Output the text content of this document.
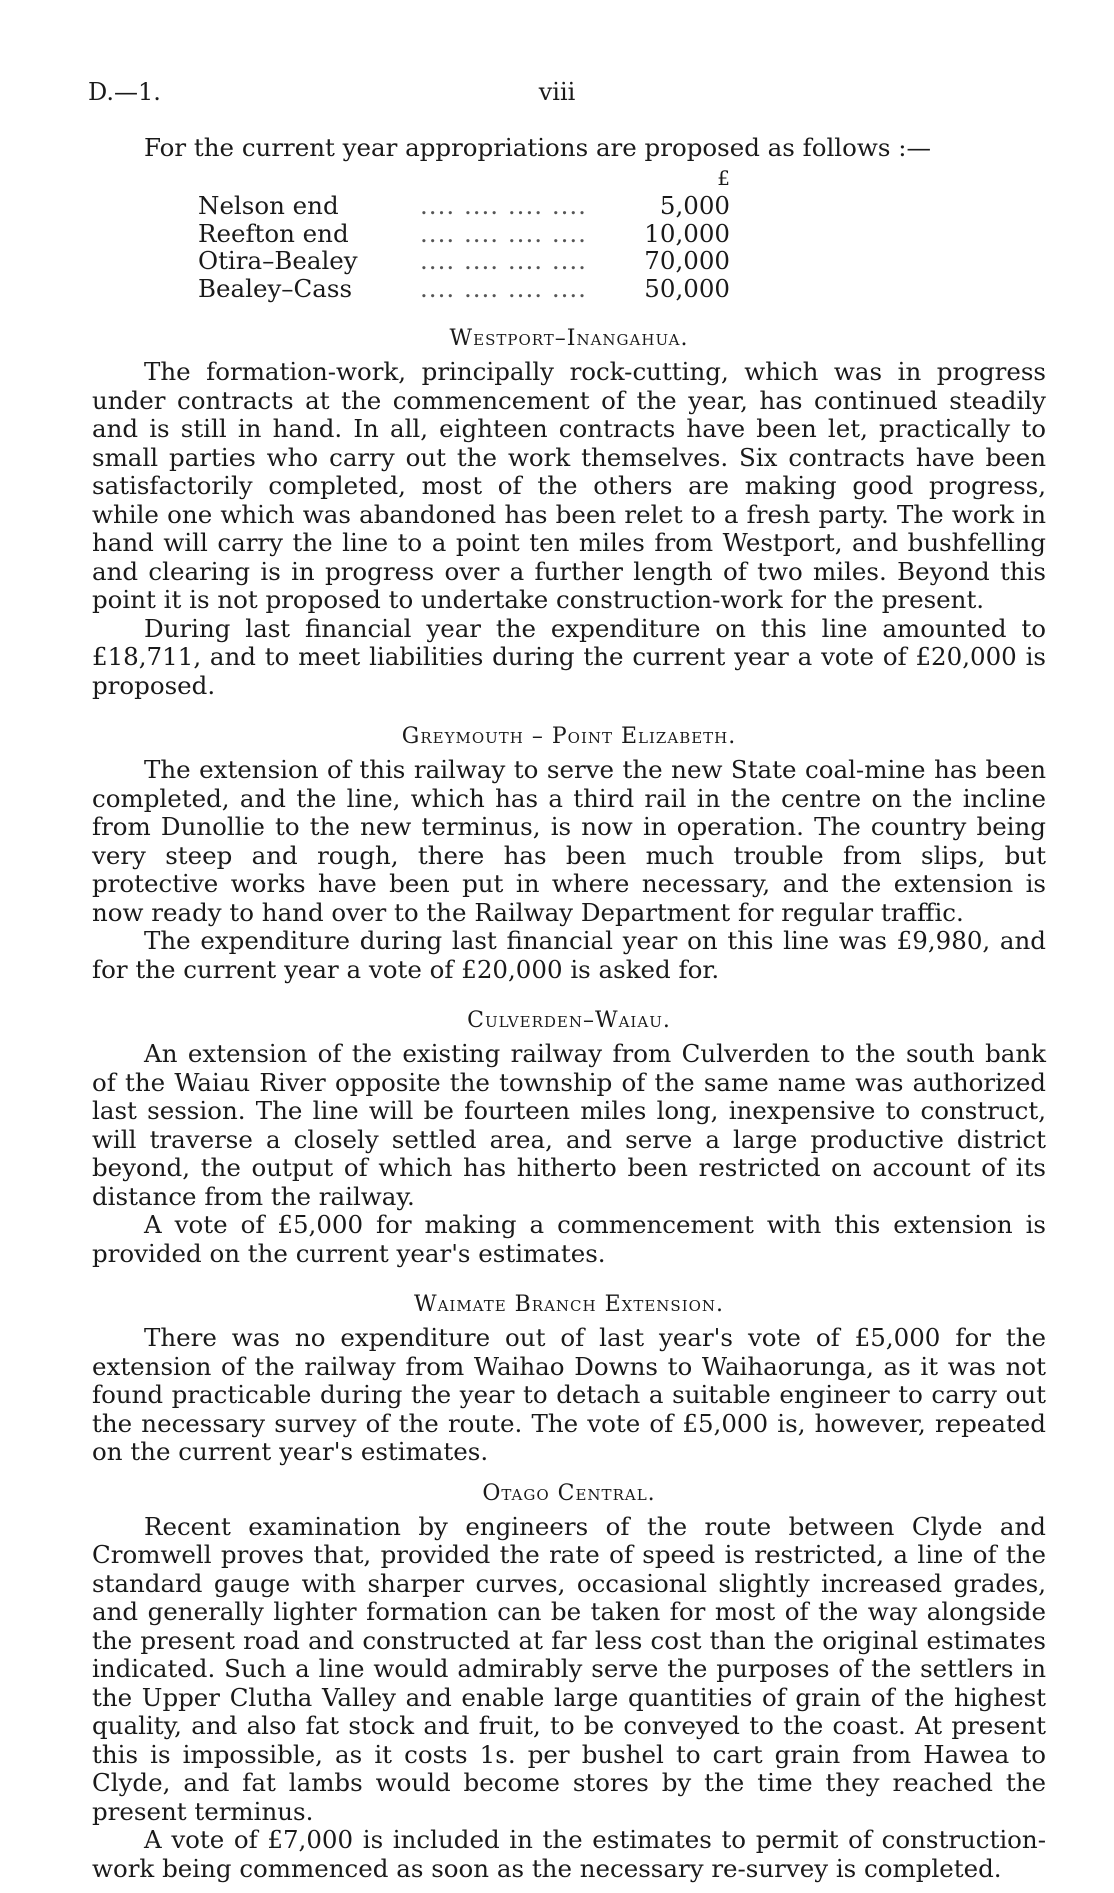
D.—1.	viii

For the current year appropriations are proposed as follows :—

			£
Nelson end	.... .... .... ....		5,000
Reefton end	.... .... .... ....		10,000
Otira–Bealey	.... .... .... ....		70,000
Bealey–Cass	.... .... .... ....		50,000
Westport–Inangahua.

The formation-work, principally rock-cutting, which was in progress under contracts at the commencement of the year, has continued steadily and is still in hand. In all, eighteen contracts have been let, practically to small parties who carry out the work themselves. Six contracts have been satisfactorily completed, most of the others are making good progress, while one which was abandoned has been relet to a fresh party. The work in hand will carry the line to a point ten miles from Westport, and bushfelling and clearing is in progress over a further length of two miles. Beyond this point it is not proposed to undertake construction-work for the present.

During last financial year the expenditure on this line amounted to £18,711, and to meet liabilities during the current year a vote of £20,000 is proposed.

Greymouth – Point Elizabeth.

The extension of this railway to serve the new State coal-mine has been completed, and the line, which has a third rail in the centre on the incline from Dunollie to the new terminus, is now in operation. The country being very steep and rough, there has been much trouble from slips, but protective works have been put in where necessary, and the extension is now ready to hand over to the Railway Department for regular traffic.

The expenditure during last financial year on this line was £9,980, and for the current year a vote of £20,000 is asked for.

Culverden–Waiau.

An extension of the existing railway from Culverden to the south bank of the Waiau River opposite the township of the same name was authorized last session. The line will be fourteen miles long, inexpensive to construct, will traverse a closely settled area, and serve a large productive district beyond, the output of which has hitherto been restricted on account of its distance from the railway.

A vote of £5,000 for making a commencement with this extension is provided on the current year's estimates.

Waimate Branch Extension.

There was no expenditure out of last year's vote of £5,000 for the extension of the railway from Waihao Downs to Waihaorunga, as it was not found practicable during the year to detach a suitable engineer to carry out the necessary survey of the route. The vote of £5,000 is, however, repeated on the current year's estimates.

Otago Central.

Recent examination by engineers of the route between Clyde and Cromwell proves that, provided the rate of speed is restricted, a line of the standard gauge with sharper curves, occasional slightly increased grades, and generally lighter formation can be taken for most of the way alongside the present road and constructed at far less cost than the original estimates indicated. Such a line would admirably serve the purposes of the settlers in the Upper Clutha Valley and enable large quantities of grain of the highest quality, and also fat stock and fruit, to be conveyed to the coast. At present this is impossible, as it costs 1s. per bushel to cart grain from Hawea to Clyde, and fat lambs would become stores by the time they reached the present terminus.

A vote of £7,000 is included in the estimates to permit of construction-work being commenced as soon as the necessary re-survey is completed.
